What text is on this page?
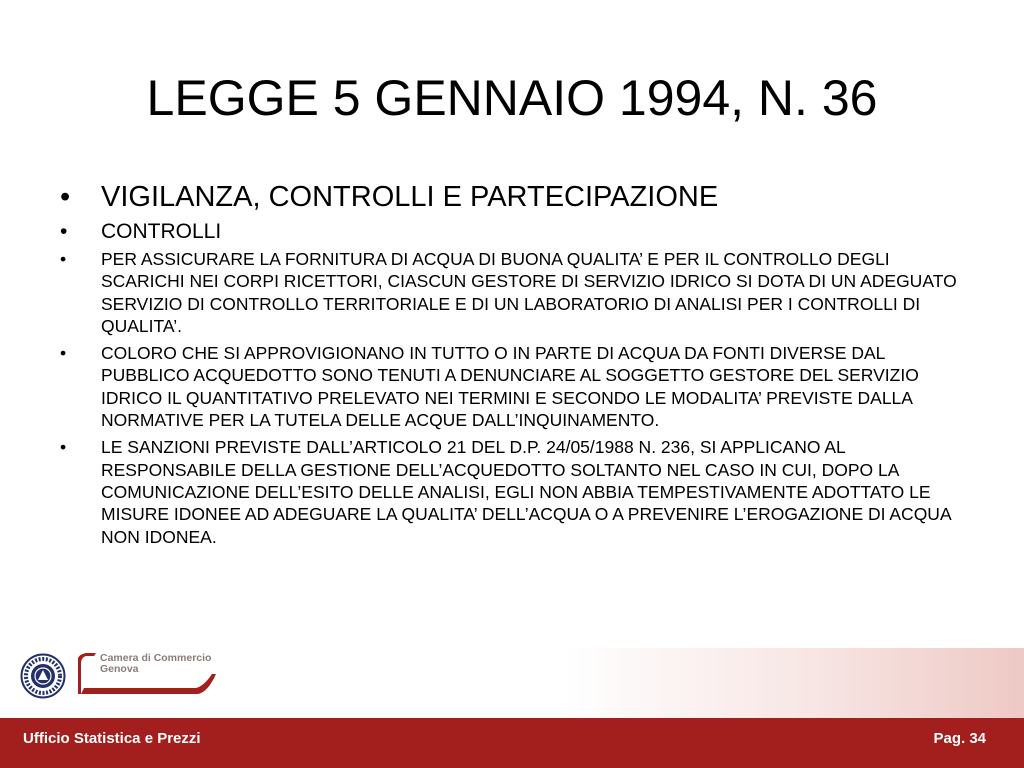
LEGGE 5 GENNAIO 1994, N. 36
• VIGILANZA, CONTROLLI E PARTECIPAZIONE
• CONTROLLI
• PER ASSICURARE LA FORNITURA DI ACQUA DI BUONA QUALITA’ E PER IL CONTROLLO DEGLI SCARICHI NEI CORPI RICETTORI, CIASCUN GESTORE DI SERVIZIO IDRICO SI DOTA DI UN ADEGUATO SERVIZIO DI CONTROLLO TERRITORIALE E DI UN LABORATORIO DI ANALISI PER I CONTROLLI DI QUALITA’.
• COLORO CHE SI APPROVIGIONANO IN TUTTO O IN PARTE DI ACQUA DA FONTI DIVERSE DAL PUBBLICO ACQUEDOTTO SONO TENUTI A DENUNCIARE AL SOGGETTO GESTORE DEL SERVIZIO IDRICO IL QUANTITATIVO PRELEVATO NEI TERMINI E SECONDO LE MODALITA’ PREVISTE DALLA NORMATIVE PER LA TUTELA DELLE ACQUE DALL’INQUINAMENTO.
• LE SANZIONI PREVISTE DALL’ARTICOLO 21 DEL D.P. 24/05/1988 N. 236, SI APPLICANO AL RESPONSABILE DELLA GESTIONE DELL’ACQUEDOTTO SOLTANTO NEL CASO IN CUI, DOPO LA COMUNICAZIONE DELL’ESITO DELLE ANALISI, EGLI NON ABBIA TEMPESTIVAMENTE ADOTTATO LE MISURE IDONEE AD ADEGUARE LA QUALITA’ DELL’ACQUA O A PREVENIRE L’EROGAZIONE DI ACQUA NON IDONEA.
Camera di Commercio
Genova
Ufficio Statistica e Prezzi	Pag. 34
